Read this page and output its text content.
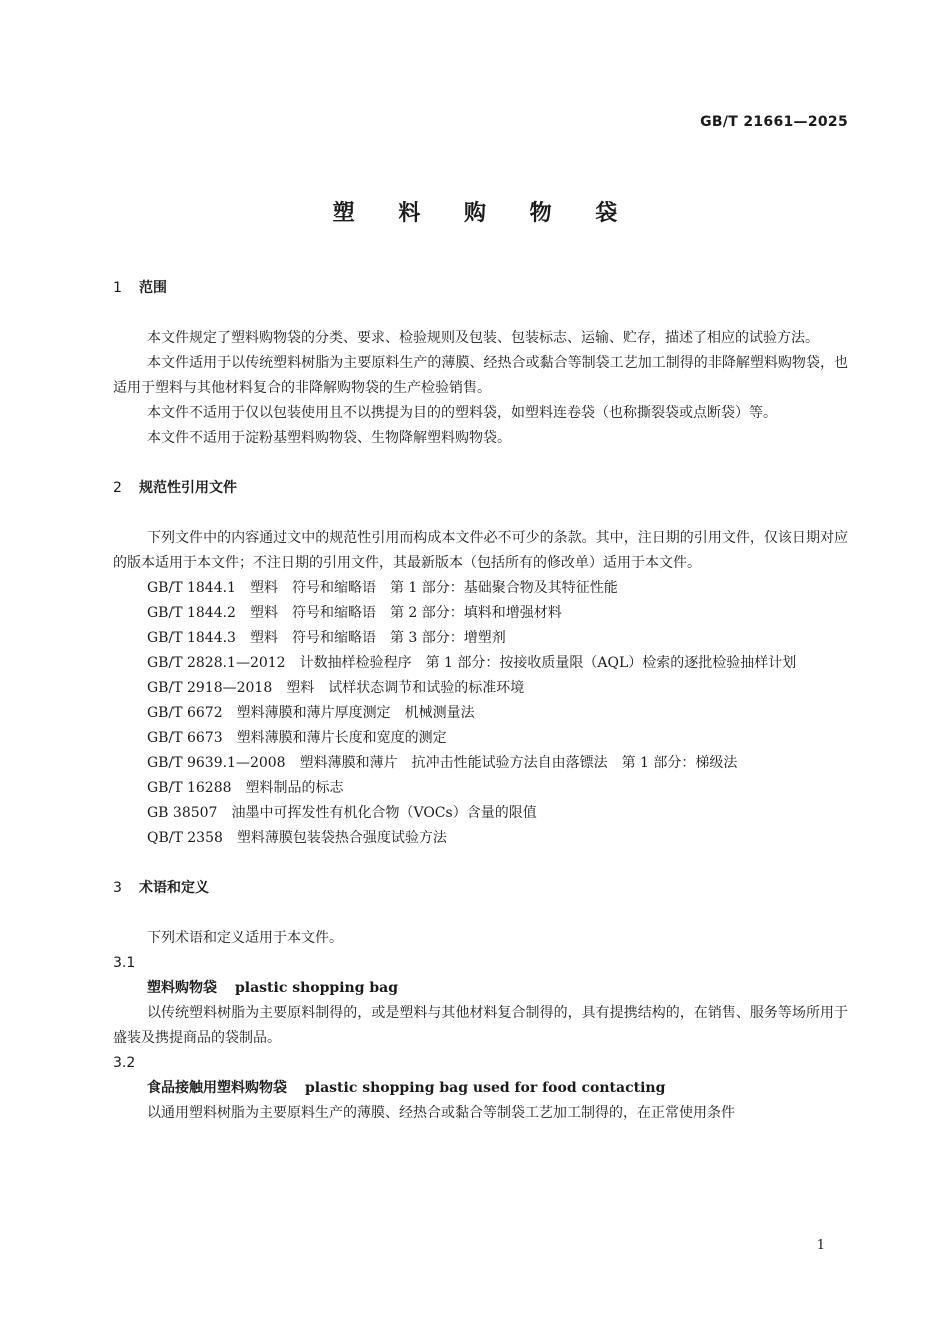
GB/T 21661—2025
塑 料 购 物 袋
1 范围

本文件规定了塑料购物袋的分类、要求、检验规则及包装、包装标志、运输、贮存，描述了相应的试验方法。

本文件适用于以传统塑料树脂为主要原料生产的薄膜、经热合或黏合等制袋工艺加工制得的非降解塑料购物袋，也适用于塑料与其他材料复合的非降解购物袋的生产检验销售。

本文件不适用于仅以包装使用且不以携提为目的的塑料袋，如塑料连卷袋（也称撕裂袋或点断袋）等。

本文件不适用于淀粉基塑料购物袋、生物降解塑料购物袋。

2 规范性引用文件

下列文件中的内容通过文中的规范性引用而构成本文件必不可少的条款。其中，注日期的引用文件，仅该日期对应的版本适用于本文件；不注日期的引用文件，其最新版本（包括所有的修改单）适用于本文件。

GB/T 1844.1　塑料　符号和缩略语　第 1 部分：基础聚合物及其特征性能

GB/T 1844.2　塑料　符号和缩略语　第 2 部分：填料和增强材料

GB/T 1844.3　塑料　符号和缩略语　第 3 部分：增塑剂

GB/T 2828.1—2012　计数抽样检验程序　第 1 部分：按接收质量限（AQL）检索的逐批检验抽样计划

GB/T 2918—2018　塑料　试样状态调节和试验的标准环境

GB/T 6672　塑料薄膜和薄片厚度测定　机械测量法

GB/T 6673　塑料薄膜和薄片长度和宽度的测定

GB/T 9639.1—2008　塑料薄膜和薄片　抗冲击性能试验方法自由落镖法　第 1 部分：梯级法

GB/T 16288　塑料制品的标志

GB 38507　油墨中可挥发性有机化合物（VOCs）含量的限值

QB/T 2358　塑料薄膜包装袋热合强度试验方法

3 术语和定义

下列术语和定义适用于本文件。

3.1

塑料购物袋 plastic shopping bag

以传统塑料树脂为主要原料制得的，或是塑料与其他材料复合制得的，具有提携结构的，在销售、服务等场所用于盛装及携提商品的袋制品。

3.2

食品接触用塑料购物袋 plastic shopping bag used for food contacting

以通用塑料树脂为主要原料生产的薄膜、经热合或黏合等制袋工艺加工制得的，在正常使用条件

1
